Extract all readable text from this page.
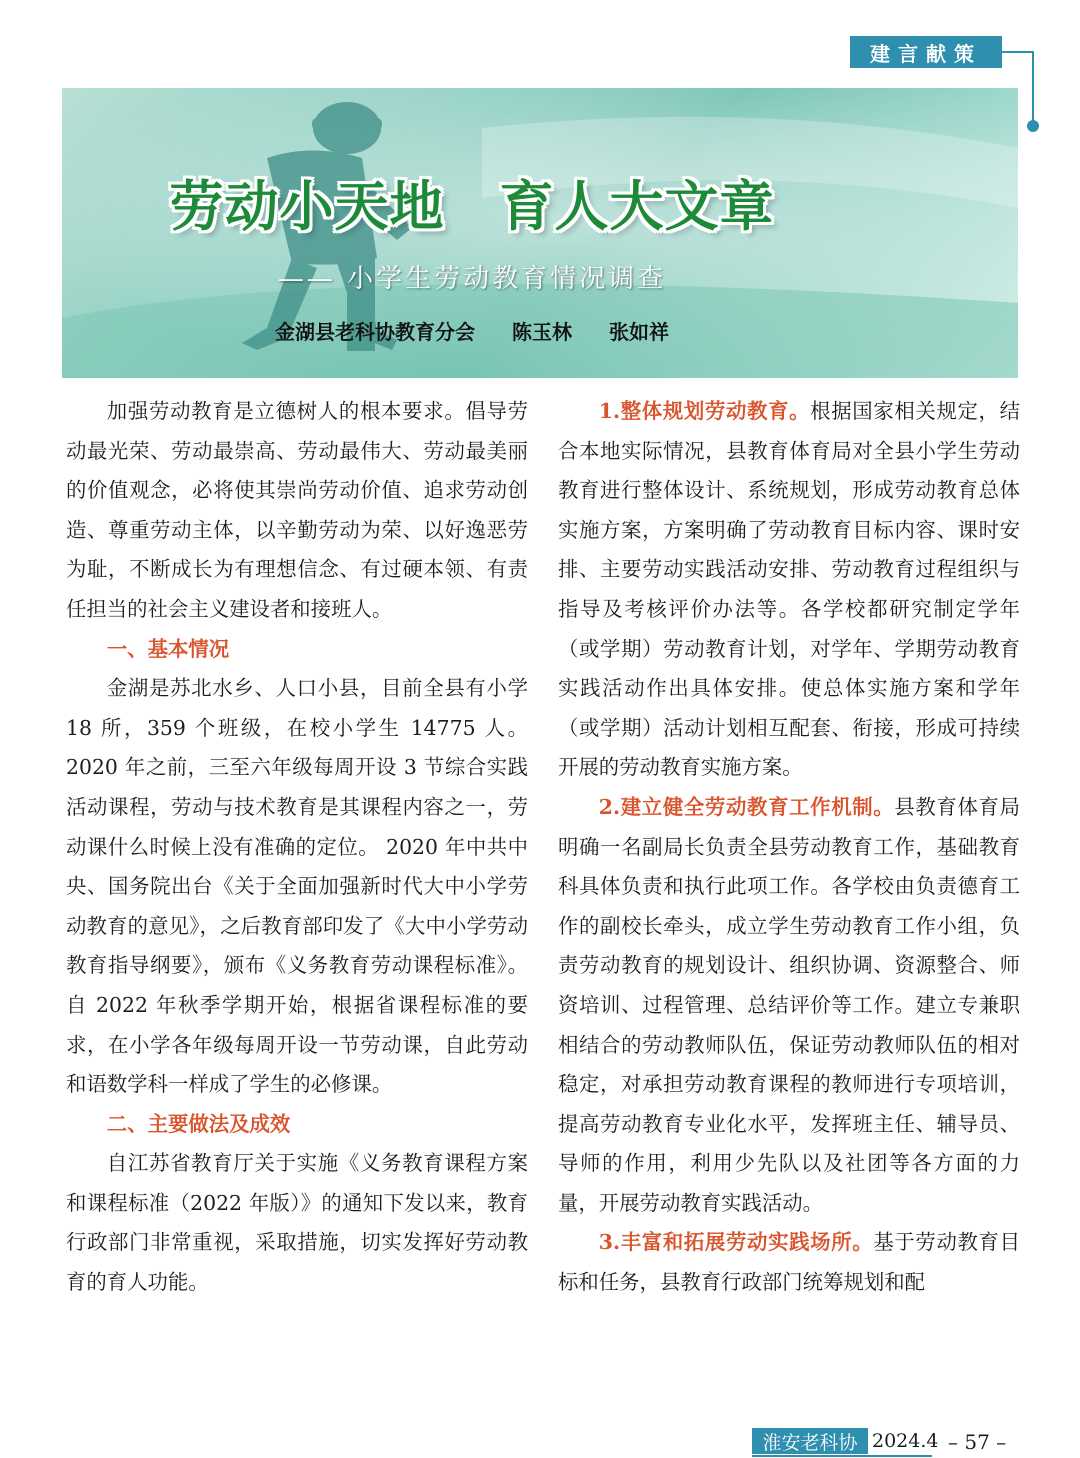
建言献策
劳动小天地　育人大文章
—— 小学生劳动教育情况调查
金湖县老科协教育分会 陈玉林 张如祥

加强劳动教育是立德树人的根本要求。倡导劳动最光荣、劳动最崇高、劳动最伟大、劳动最美丽的价值观念，必将使其崇尚劳动价值、追求劳动创造、尊重劳动主体，以辛勤劳动为荣、以好逸恶劳为耻，不断成长为有理想信念、有过硬本领、有责任担当的社会主义建设者和接班人。

一、基本情况

金湖是苏北水乡、人口小县，目前全县有小学 18 所，359 个班级，在校小学生 14775 人。2020 年之前，三至六年级每周开设 3 节综合实践活动课程，劳动与技术教育是其课程内容之一，劳动课什么时候上没有准确的定位。 2020 年中共中央、国务院出台《关于全面加强新时代大中小学劳动教育的意见》，之后教育部印发了《大中小学劳动教育指导纲要》，颁布《义务教育劳动课程标准》。自 2022 年秋季学期开始，根据省课程标准的要求，在小学各年级每周开设一节劳动课，自此劳动和语数学科一样成了学生的必修课。

二、主要做法及成效

自江苏省教育厅关于实施《义务教育课程方案和课程标准（2022 年版）》的通知下发以来，教育行政部门非常重视，采取措施，切实发挥好劳动教育的育人功能。

1.整体规划劳动教育。根据国家相关规定，结合本地实际情况，县教育体育局对全县小学生劳动教育进行整体设计、系统规划，形成劳动教育总体实施方案，方案明确了劳动教育目标内容、课时安排、主要劳动实践活动安排、劳动教育过程组织与指导及考核评价办法等。各学校都研究制定学年（或学期）劳动教育计划，对学年、学期劳动教育实践活动作出具体安排。使总体实施方案和学年（或学期）活动计划相互配套、衔接，形成可持续开展的劳动教育实施方案。

2.建立健全劳动教育工作机制。县教育体育局明确一名副局长负责全县劳动教育工作，基础教育科具体负责和执行此项工作。各学校由负责德育工作的副校长牵头，成立学生劳动教育工作小组，负责劳动教育的规划设计、组织协调、资源整合、师资培训、过程管理、总结评价等工作。建立专兼职相结合的劳动教师队伍，保证劳动教师队伍的相对稳定，对承担劳动教育课程的教师进行专项培训，提高劳动教育专业化水平，发挥班主任、辅导员、导师的作用，利用少先队以及社团等各方面的力量，开展劳动教育实践活动。

3.丰富和拓展劳动实践场所。基于劳动教育目标和任务，县教育行政部门统筹规划和配

淮安老科协 2024.4 – 57 –
